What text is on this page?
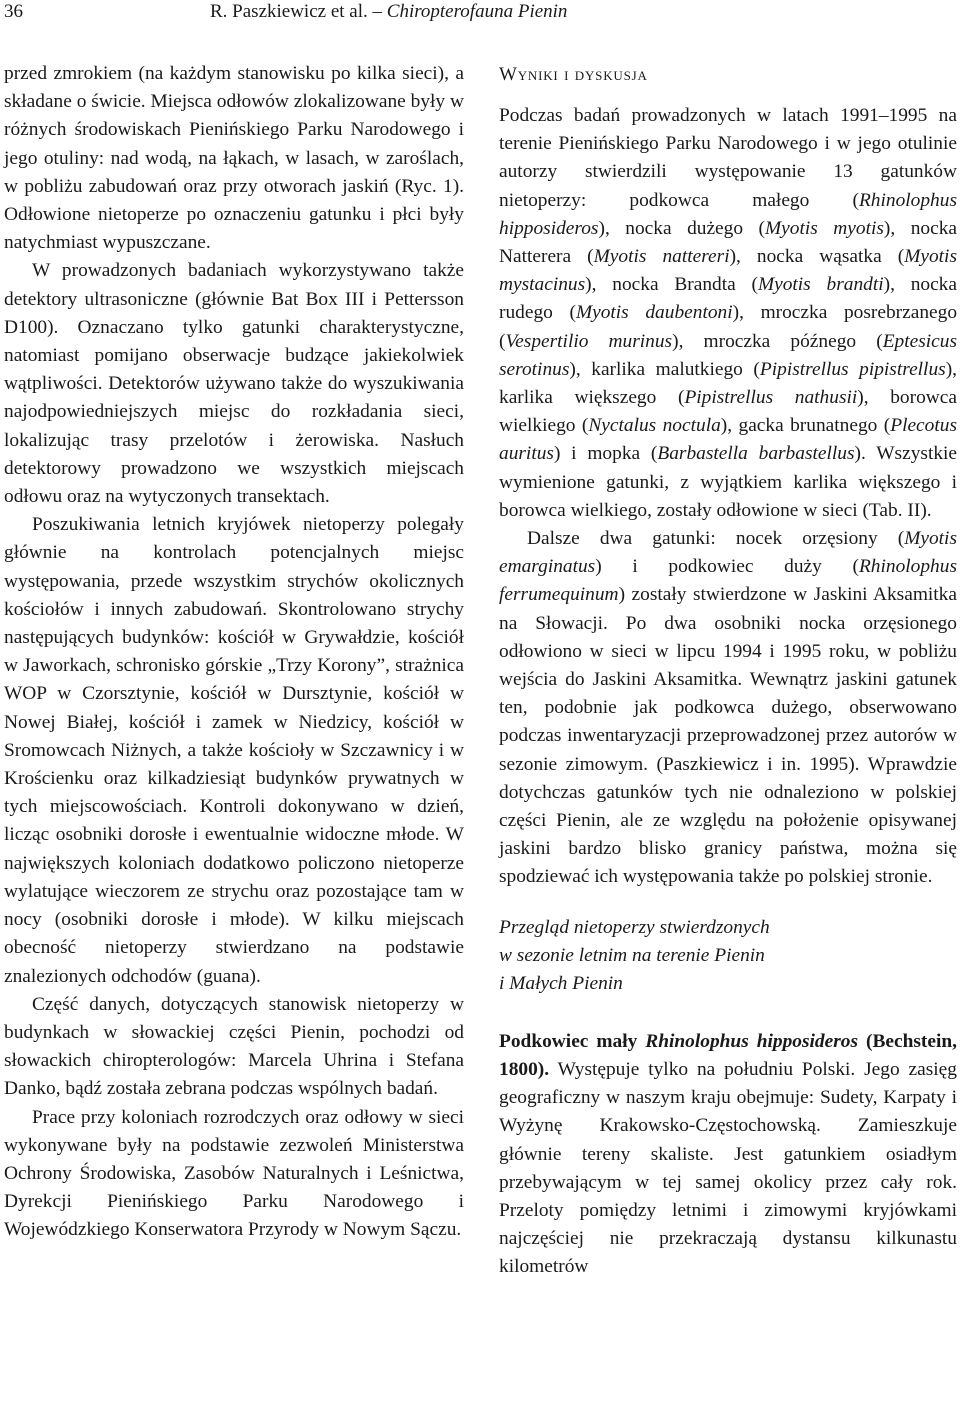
36	R. Paszkiewicz et al. – Chiropterofauna Pienin

przed zmrokiem (na każdym stanowisku po kilka sieci), a składane o świcie. Miejsca odłowów zlokalizowane były w różnych środowiskach Pienińskiego Parku Narodowego i jego otuliny: nad wodą, na łąkach, w lasach, w zaroślach, w pobliżu zabudowań oraz przy otworach jaskiń (Ryc. 1). Odłowione nietoperze po oznaczeniu gatunku i płci były natychmiast wypuszczane.

W prowadzonych badaniach wykorzystywano także detektory ultrasoniczne (głównie Bat Box III i Pettersson D100). Oznaczano tylko gatunki charakterystyczne, natomiast pomijano obserwacje budzące jakiekolwiek wątpliwości. Detektorów używano także do wyszukiwania najodpowiedniejszych miejsc do rozkładania sieci, lokalizując trasy przelotów i żerowiska. Nasłuch detektorowy prowadzono we wszystkich miejscach odłowu oraz na wytyczonych transektach.

Poszukiwania letnich kryjówek nietoperzy polegały głównie na kontrolach potencjalnych miejsc występowania, przede wszystkim strychów okolicznych kościołów i innych zabudowań. Skontrolowano strychy następujących budynków: kościół w Grywałdzie, kościół w Jaworkach, schronisko górskie „Trzy Korony”, strażnica WOP w Czorsztynie, kościół w Dursztynie, kościół w Nowej Białej, kościół i zamek w Niedzicy, kościół w Sromowcach Niżnych, a także kościoły w Szczawnicy i w Krościenku oraz kilkadziesiąt budynków prywatnych w tych miejscowościach. Kontroli dokonywano w dzień, licząc osobniki dorosłe i ewentualnie widoczne młode. W największych koloniach dodatkowo policzono nietoperze wylatujące wieczorem ze strychu oraz pozostające tam w nocy (osobniki dorosłe i młode). W kilku miejscach obecność nietoperzy stwierdzano na podstawie znalezionych odchodów (guana).

Część danych, dotyczących stanowisk nietoperzy w budynkach w słowackiej części Pienin, pochodzi od słowackich chiropterologów: Marcela Uhrina i Stefana Danko, bądź została zebrana podczas wspólnych badań.

Prace przy koloniach rozrodczych oraz odłowy w sieci wykonywane były na podstawie zezwoleń Ministerstwa Ochrony Środowiska, Zasobów Naturalnych i Leśnictwa, Dyrekcji Pienińskiego Parku Narodowego i Wojewódzkiego Konserwatora Przyrody w Nowym Sączu.

Wyniki i dyskusja

Podczas badań prowadzonych w latach 1991–1995 na terenie Pienińskiego Parku Narodowego i w jego otulinie autorzy stwierdzili występowanie 13 gatunków nietoperzy: podkowca małego (Rhinolophus hipposideros), nocka dużego (Myotis myotis), nocka Natterera (Myotis nattereri), nocka wąsatka (Myotis mystacinus), nocka Brandta (Myotis brandti), nocka rudego (Myotis daubentoni), mroczka posrebrzanego (Vespertilio murinus), mroczka późnego (Eptesicus serotinus), karlika malutkiego (Pipistrellus pipistrellus), karlika większego (Pipistrellus nathusii), borowca wielkiego (Nyctalus noctula), gacka brunatnego (Plecotus auritus) i mopka (Barbastella barbastellus). Wszystkie wymienione gatunki, z wyjątkiem karlika większego i borowca wielkiego, zostały odłowione w sieci (Tab. II).

Dalsze dwa gatunki: nocek orzęsiony (Myotis emarginatus) i podkowiec duży (Rhinolophus ferrumequinum) zostały stwierdzone w Jaskini Aksamitka na Słowacji. Po dwa osobniki nocka orzęsionego odłowiono w sieci w lipcu 1994 i 1995 roku, w pobliżu wejścia do Jaskini Aksamitka. Wewnątrz jaskini gatunek ten, podobnie jak podkowca dużego, obserwowano podczas inwentaryzacji przeprowadzonej przez autorów w sezonie zimowym. (Paszkiewicz i in. 1995). Wprawdzie dotychczas gatunków tych nie odnaleziono w polskiej części Pienin, ale ze względu na położenie opisywanej jaskini bardzo blisko granicy państwa, można się spodziewać ich występowania także po polskiej stronie.

Przegląd nietoperzy stwierdzonych
w sezonie letnim na terenie Pienin
i Małych Pienin

Podkowiec mały Rhinolophus hipposideros (Bechstein, 1800). Występuje tylko na południu Polski. Jego zasięg geograficzny w naszym kraju obejmuje: Sudety, Karpaty i Wyżynę Krakowsko-Częstochowską. Zamieszkuje głównie tereny skaliste. Jest gatunkiem osiadłym przebywającym w tej samej okolicy przez cały rok. Przeloty pomiędzy letnimi i zimowymi kryjówkami najczęściej nie przekraczają dystansu kilkunastu kilometrów
